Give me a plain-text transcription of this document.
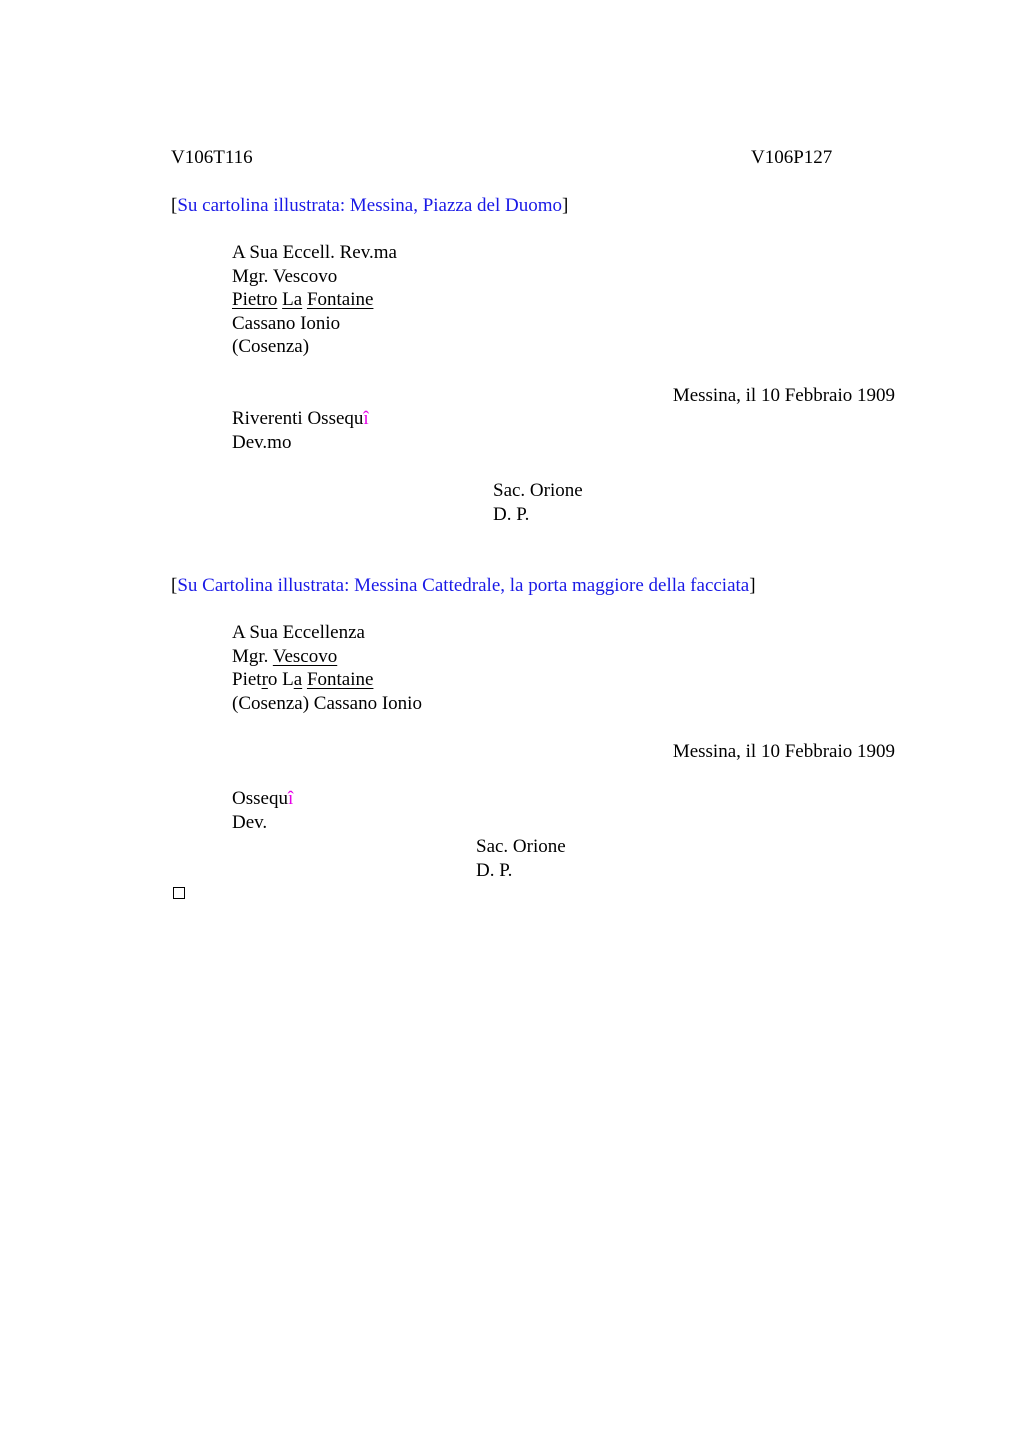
V106T116	V106P127
[Su cartolina illustrata: Messina, Piazza del Duomo]
A Sua Eccell. Rev.ma
Mgr. Vescovo
Pietro La Fontaine
Cassano Ionio
(Cosenza)
Messina, il 10 Febbraio 1909
Riverenti Ossequî
Dev.mo
Sac. Orione
D. P.
[Su Cartolina illustrata: Messina Cattedrale, la porta maggiore della facciata]
A Sua Eccellenza
Mgr. Vescovo
Pietro La Fontaine
(Cosenza) Cassano Ionio
Messina, il 10 Febbraio 1909
Ossequî
Dev.
Sac. Orione
D. P.
